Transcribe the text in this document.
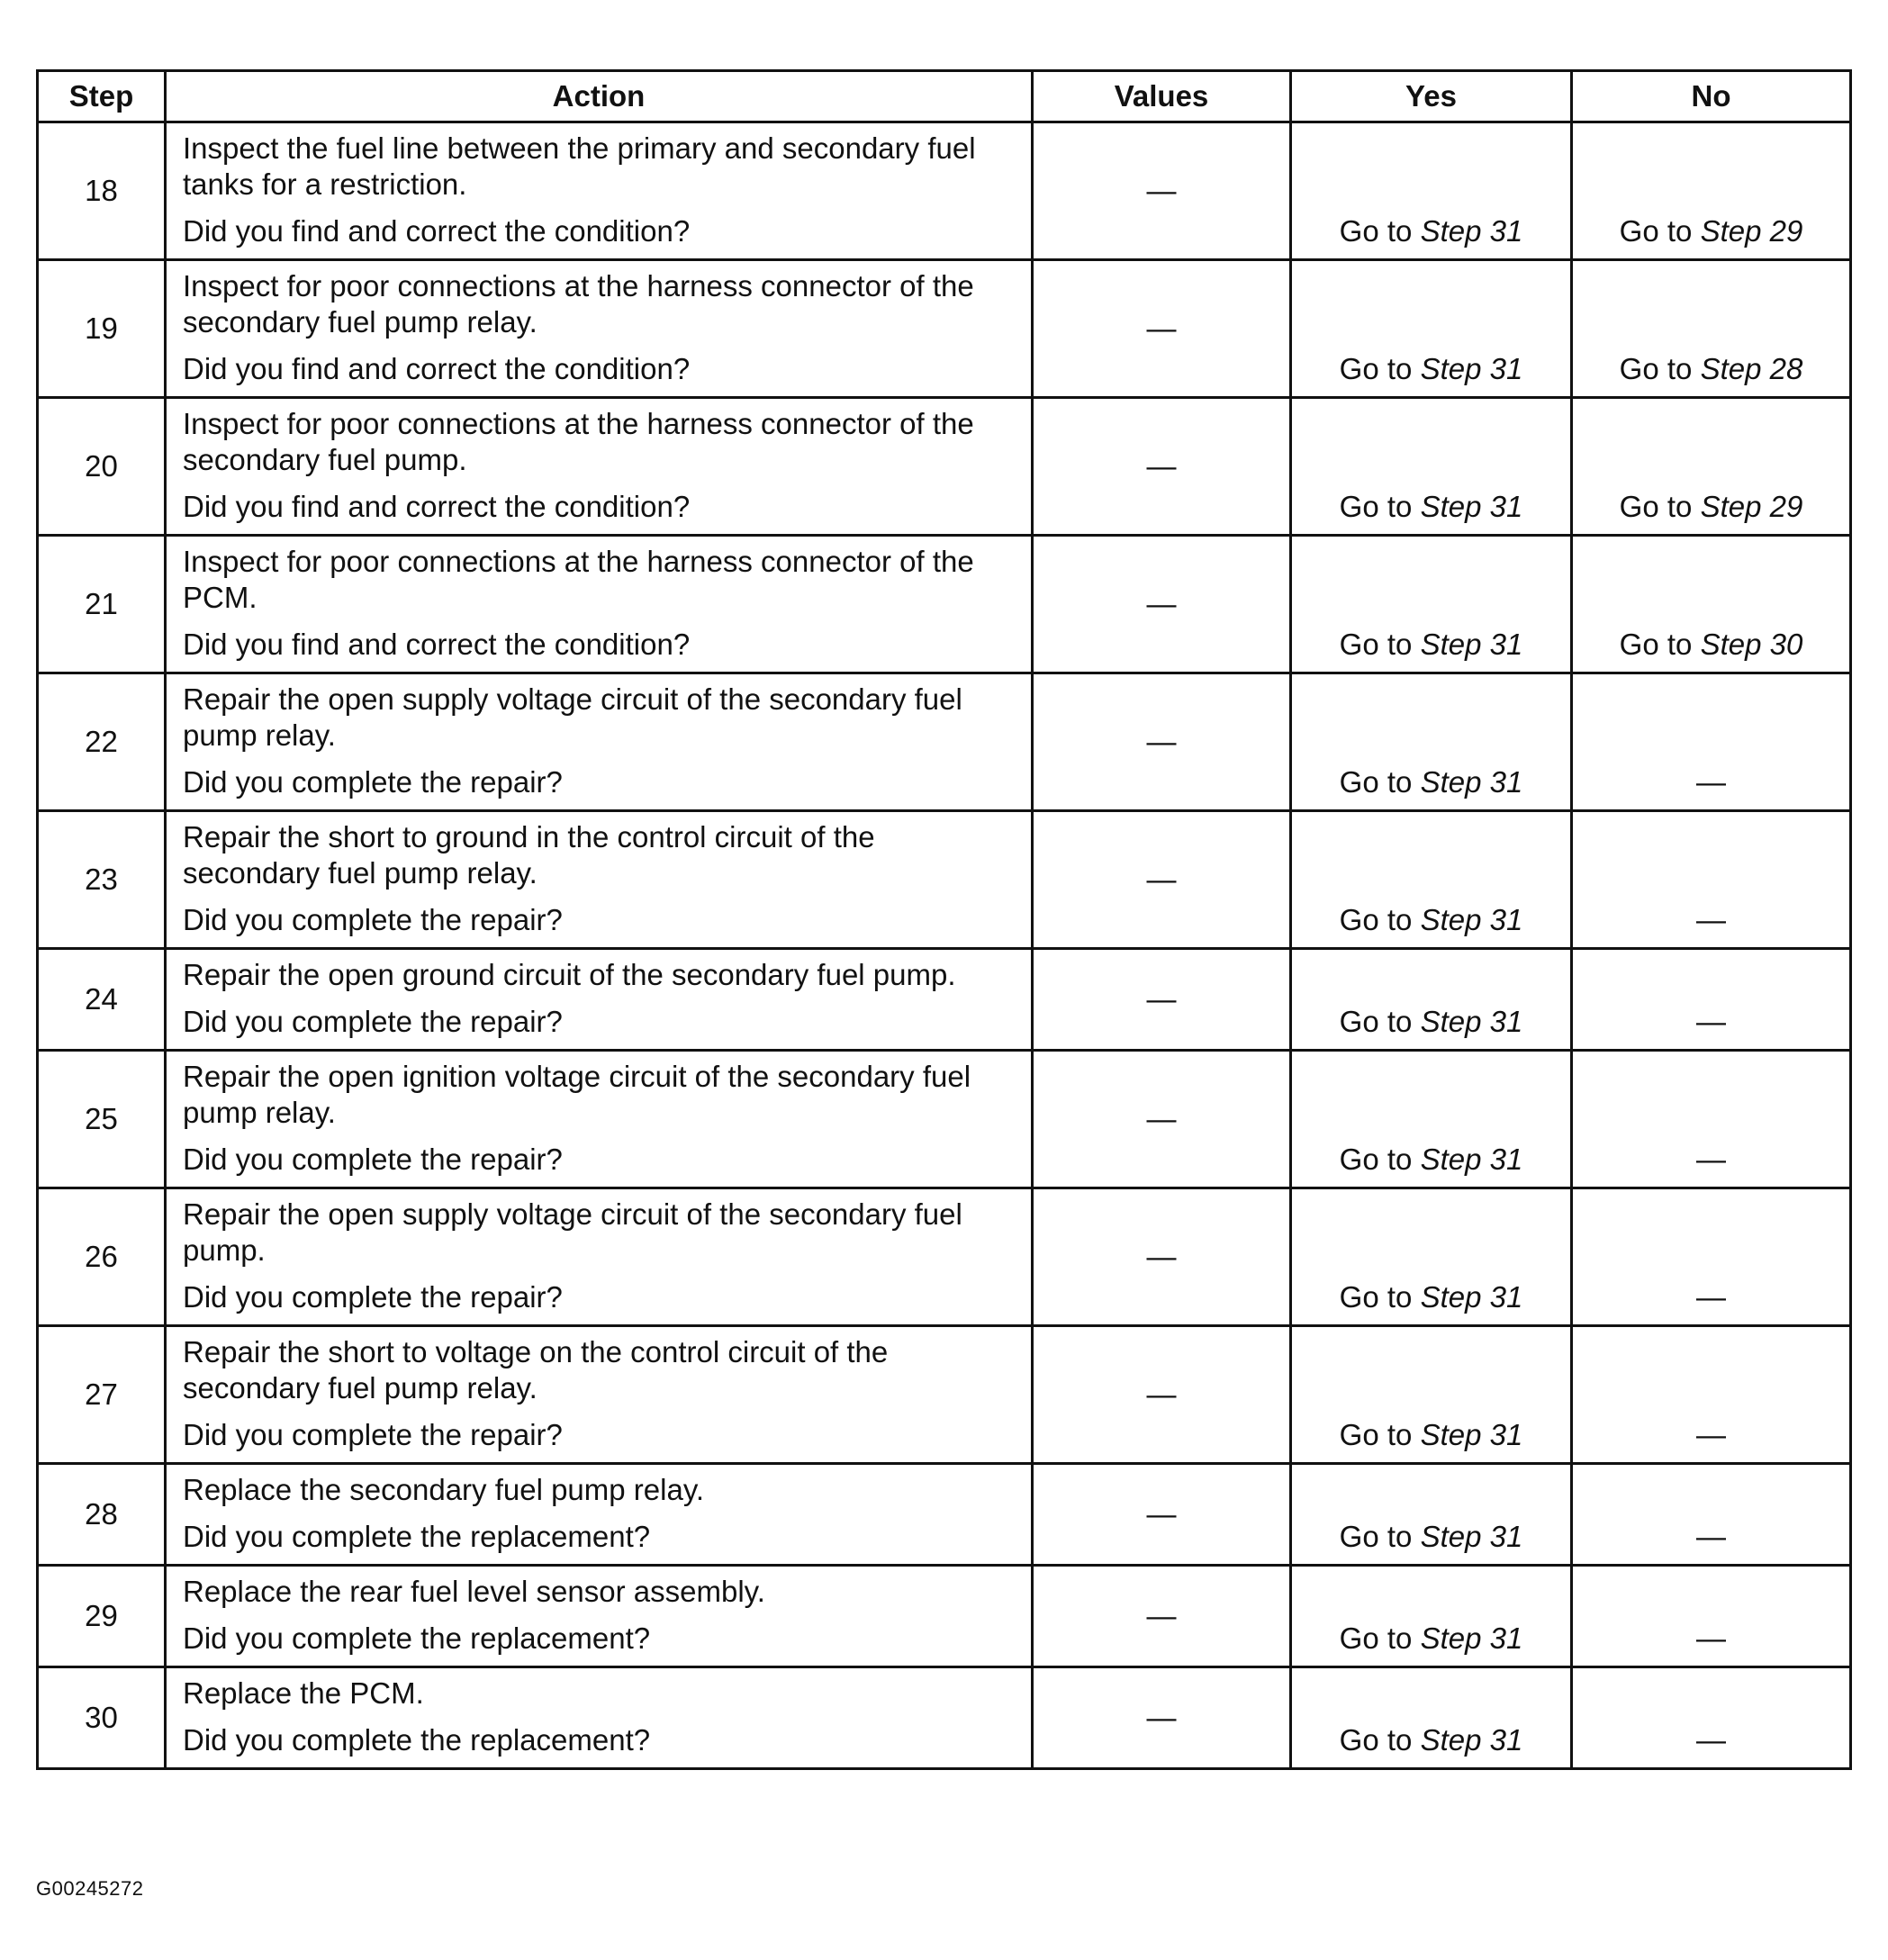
Step	Action	Values	Yes	No
18	Inspect the fuel line between the primary and secondary fuel tanks for a restriction.
Did you find and correct the condition?	—	Go to Step 31	Go to Step 29
19	Inspect for poor connections at the harness connector of the secondary fuel pump relay.
Did you find and correct the condition?	—	Go to Step 31	Go to Step 28
20	Inspect for poor connections at the harness connector of the secondary fuel pump.
Did you find and correct the condition?	—	Go to Step 31	Go to Step 29
21	Inspect for poor connections at the harness connector of the PCM.
Did you find and correct the condition?	—	Go to Step 31	Go to Step 30
22	Repair the open supply voltage circuit of the secondary fuel pump relay.
Did you complete the repair?	—	Go to Step 31	—
23	Repair the short to ground in the control circuit of the secondary fuel pump relay.
Did you complete the repair?	—	Go to Step 31	—
24	Repair the open ground circuit of the secondary fuel pump.
Did you complete the repair?	—	Go to Step 31	—
25	Repair the open ignition voltage circuit of the secondary fuel pump relay.
Did you complete the repair?	—	Go to Step 31	—
26	Repair the open supply voltage circuit of the secondary fuel pump.
Did you complete the repair?	—	Go to Step 31	—
27	Repair the short to voltage on the control circuit of the secondary fuel pump relay.
Did you complete the repair?	—	Go to Step 31	—
28	Replace the secondary fuel pump relay.
Did you complete the replacement?	—	Go to Step 31	—
29	Replace the rear fuel level sensor assembly.
Did you complete the replacement?	—	Go to Step 31	—
30	Replace the PCM.
Did you complete the replacement?	—	Go to Step 31	—
G00245272
